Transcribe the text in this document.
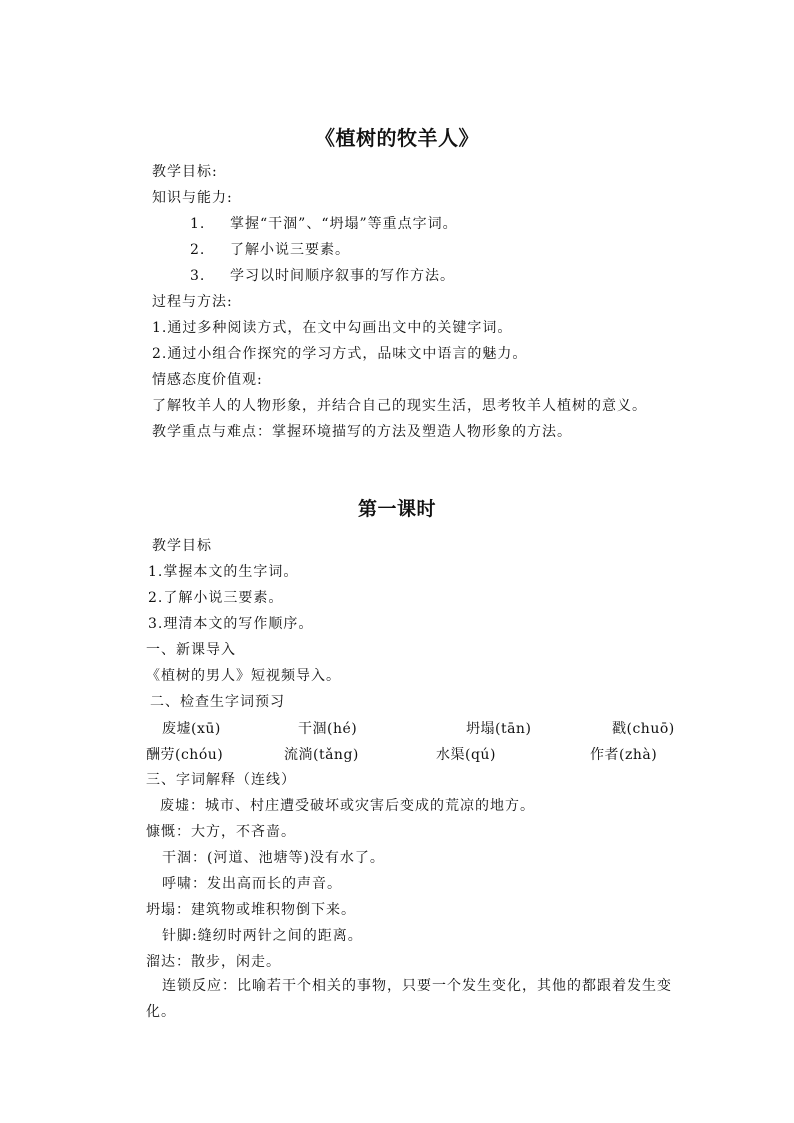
《植树的牧羊人》
教学目标:
知识与能力:
1. 掌握“干涸”、“坍塌”等重点字词。
2. 了解小说三要素。
3. 学习以时间顺序叙事的写作方法。
过程与方法:
1.通过多种阅读方式，在文中勾画出文中的关键字词。
2.通过小组合作探究的学习方式，品味文中语言的魅力。
情感态度价值观:
了解牧羊人的人物形象，并结合自己的现实生活，思考牧羊人植树的意义。
教学重点与难点：掌握环境描写的方法及塑造人物形象的方法。
第一课时
教学目标
1.掌握本文的生字词。
2.了解小说三要素。
3.理清本文的写作顺序。
一、新课导入
《植树的男人》短视频导入。
二、检查生字词预习
废墟(xū)	干涸(hé)	坍塌(tān)	戳(chuō)
酬劳(chóu)	流淌(tǎng)	水渠(qú)	作者(zhà)
三、字词解释（连线）
废墟：城市、村庄遭受破坏或灾害后变成的荒凉的地方。
慷慨：大方，不吝啬。
干涸：(河道、池塘等)没有水了。
呼啸：发出高而长的声音。
坍塌：建筑物或堆积物倒下来。
针脚:缝纫时两针之间的距离。
溜达：散步，闲走。
连锁反应：比喻若干个相关的事物，只要一个发生变化，其他的都跟着发生变化。
